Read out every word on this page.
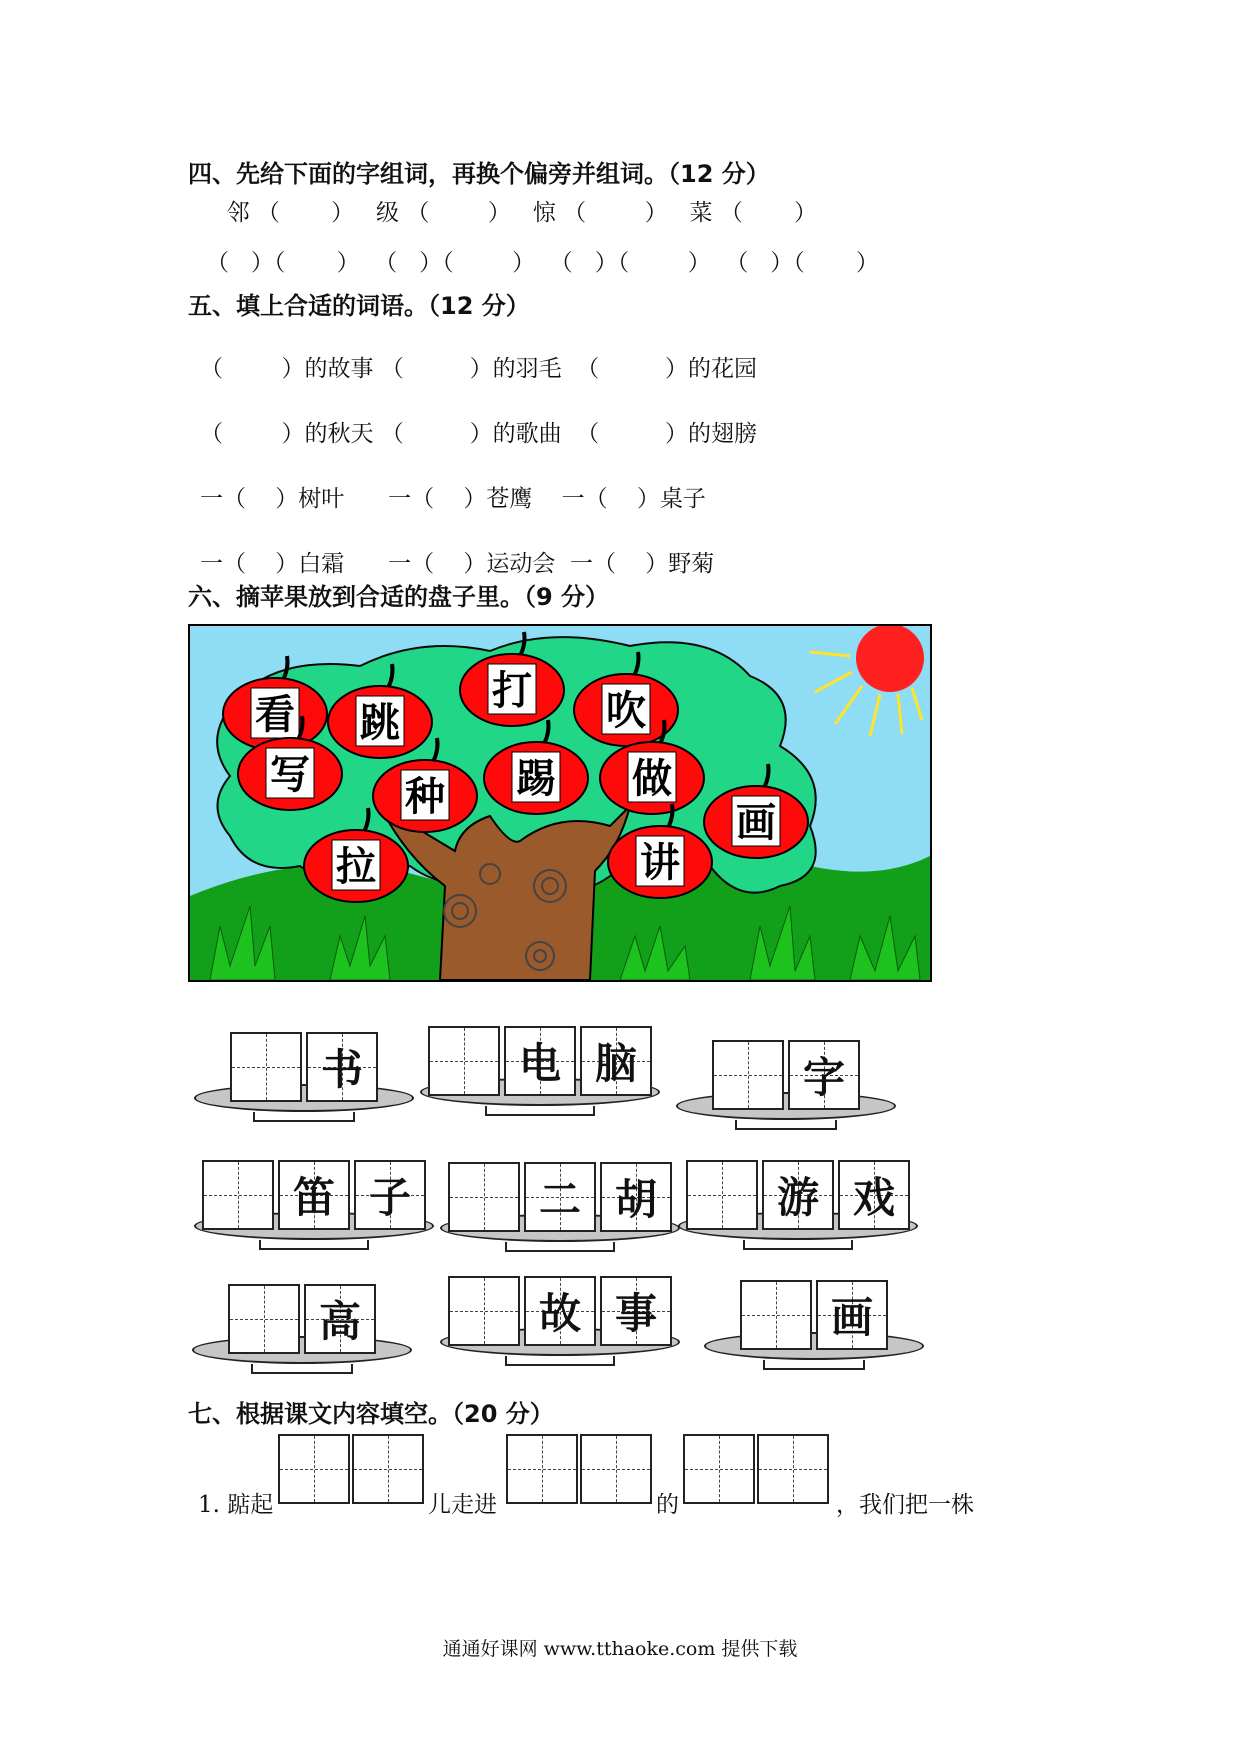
四、先给下面的字组词，再换个偏旁并组词。（12 分）
邻 （       ）   级 （        ）   惊 （        ）   菜 （       ）
（   ）（       ）  （   ）（        ）  （   ）（        ）  （   ）（       ）
五、填上合适的词语。（12 分）
（        ）的故事 （         ）的羽毛  （         ）的花园
（        ）的秋天 （         ）的歌曲  （         ）的翅膀
一（    ）树叶      一（    ）苍鹰    一（    ）桌子
一（    ）白霜      一（    ）运动会  一（    ）野菊
六、摘苹果放到合适的盘子里。（9 分）
看 跳
打 吹
写 种 踢 做
拉	讲
画
书	电 脑	字
笛 子	二 胡	游 戏
高	故 事	画
七、根据课文内容填空。（20 分）
1. 踮起	儿走进	的	，我们把一株
通通好课网 www.tthaoke.com 提供下载
